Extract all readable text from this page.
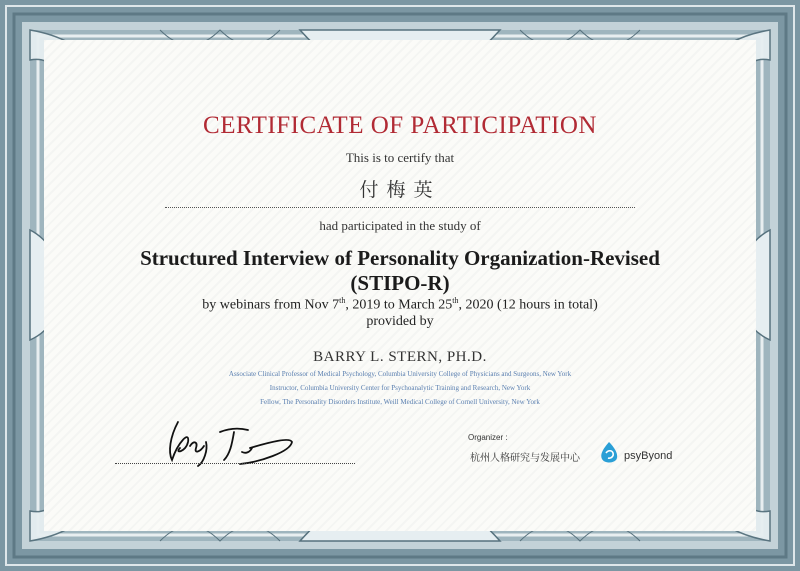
CERTIFICATE OF PARTICIPATION
This is to certify that
付梅英
had participated in the study of
Structured Interview of Personality Organization-Revised
(STIPO-R)
by webinars from Nov 7th, 2019 to March 25th, 2020 (12 hours in total)
provided by
BARRY L. STERN, PH.D.
Associate Clinical Professor of Medical Psychology, Columbia University College of Physicians and Surgeons, New York
Instructor, Columbia University Center for Psychoanalytic Training and Research, New York
Fellow, The Personality Disorders Institute, Weill Medical College of Cornell University, New York
Organizer :
杭州人格研究与发展中心	psyByond
